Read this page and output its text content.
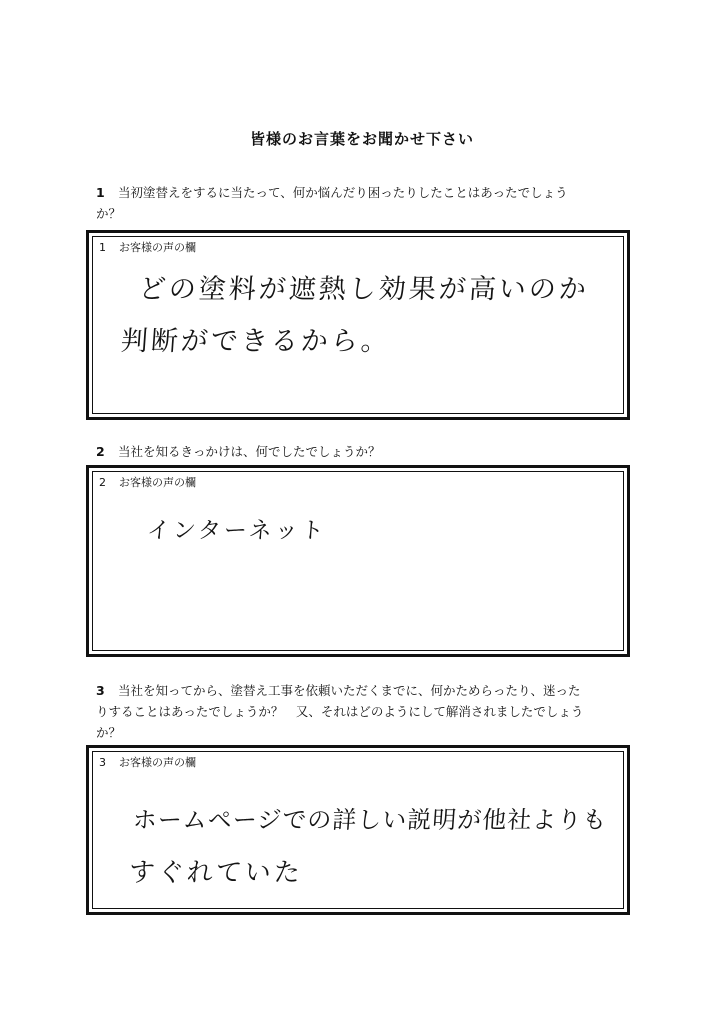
皆様のお言葉をお聞かせ下さい
1 当初塗替えをするに当たって、何か悩んだり困ったりしたことはあったでしょう
か？
1 お客様の声の欄
どの塗料が遮熱し効果が高いのか
判断ができるから。
2 当社を知るきっかけは、何でしたでしょうか？
2 お客様の声の欄
インターネット
3 当社を知ってから、塗替え工事を依頼いただくまでに、何かためらったり、迷った
りすることはあったでしょうか？　又、それはどのようにして解消されましたでしょう
か？
3 お客様の声の欄
ホームページでの詳しい説明が他社よりも
すぐれていた
